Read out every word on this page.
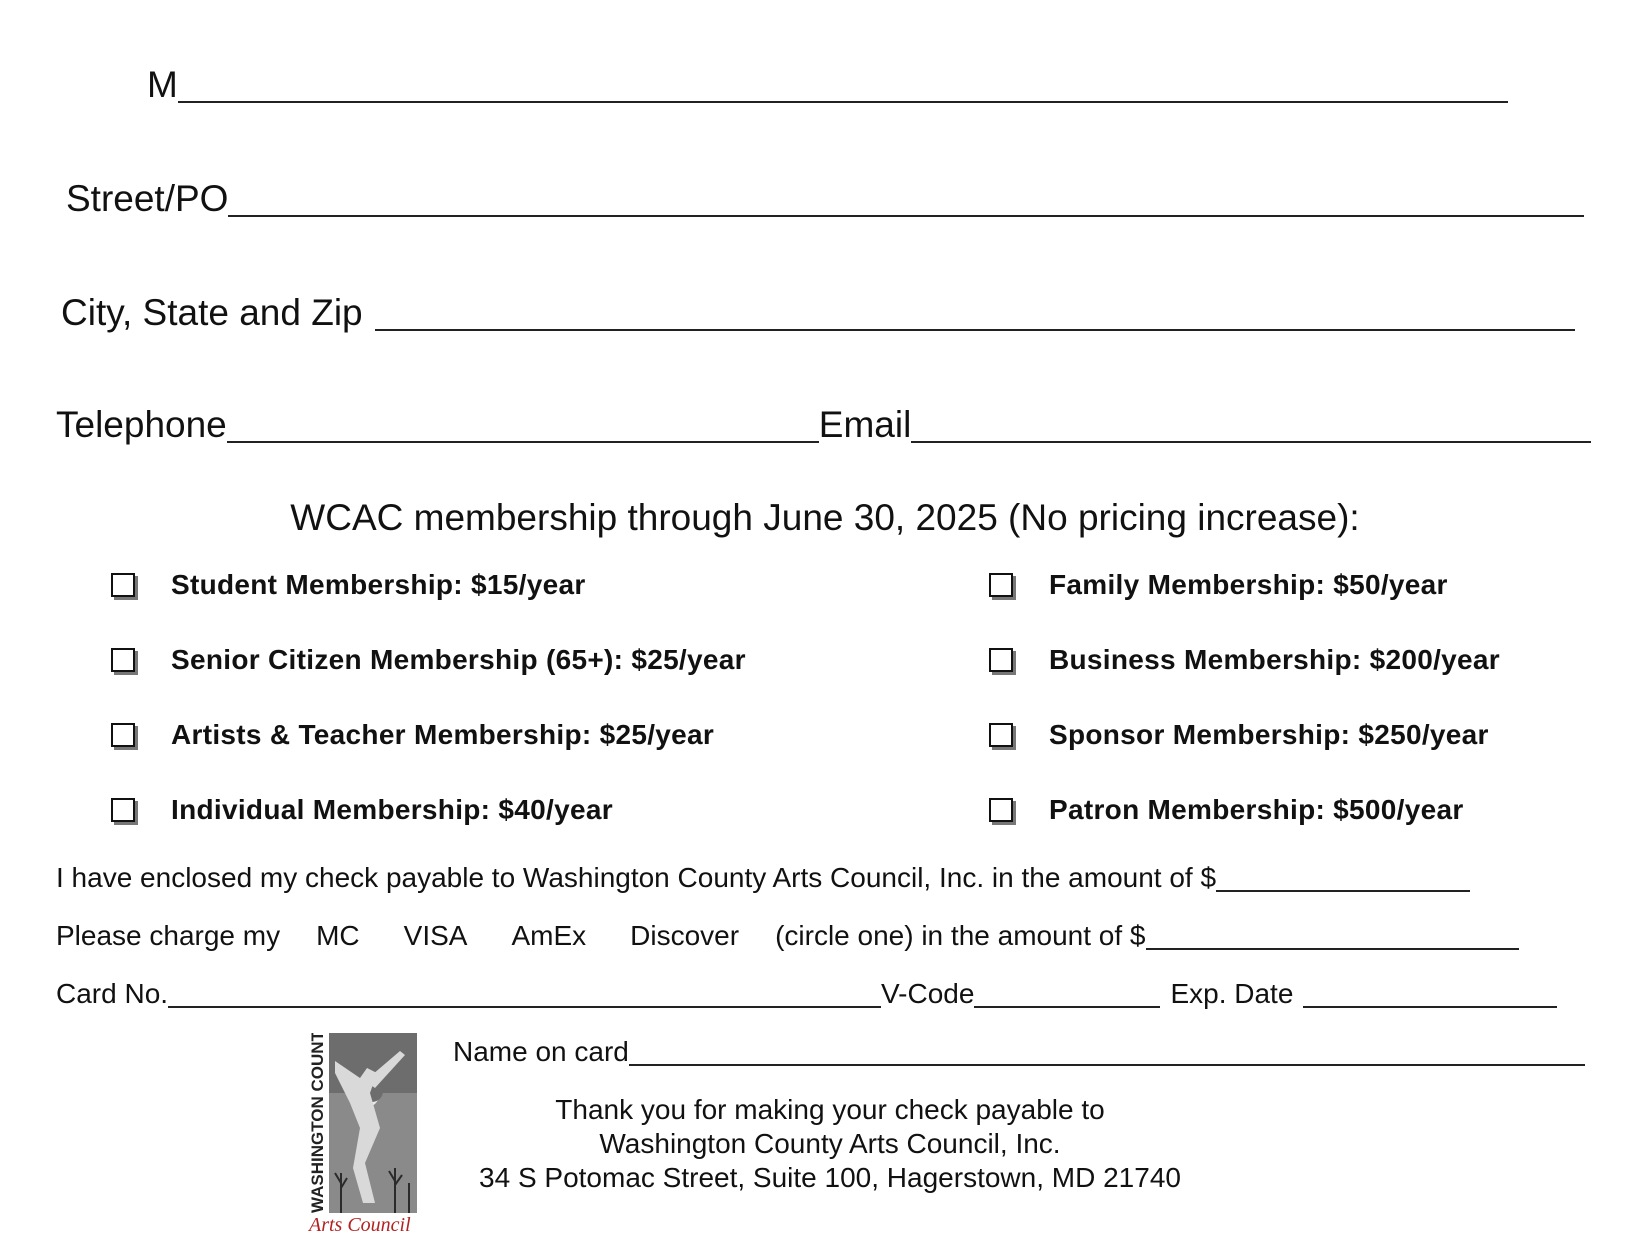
M
Street/PO
City, State and Zip
Telephone	Email
WCAC membership through June 30, 2025 (No pricing increase):
Student Membership: $15/year
Senior Citizen Membership (65+): $25/year
Artists & Teacher Membership: $25/year
Individual Membership: $40/year
Family Membership: $50/year
Business Membership: $200/year
Sponsor Membership: $250/year
Patron Membership: $500/year
I have enclosed my check payable to Washington County Arts Council, Inc. in the amount of $
Please charge my MC VISA AmEx Discover (circle one) in the amount of $
Card No.	V-Code	Exp. Date
WASHINGTON COUNTY
Arts Council
Name on card
Thank you for making your check payable to
Washington County Arts Council, Inc.
34 S Potomac Street, Suite 100, Hagerstown, MD 21740
